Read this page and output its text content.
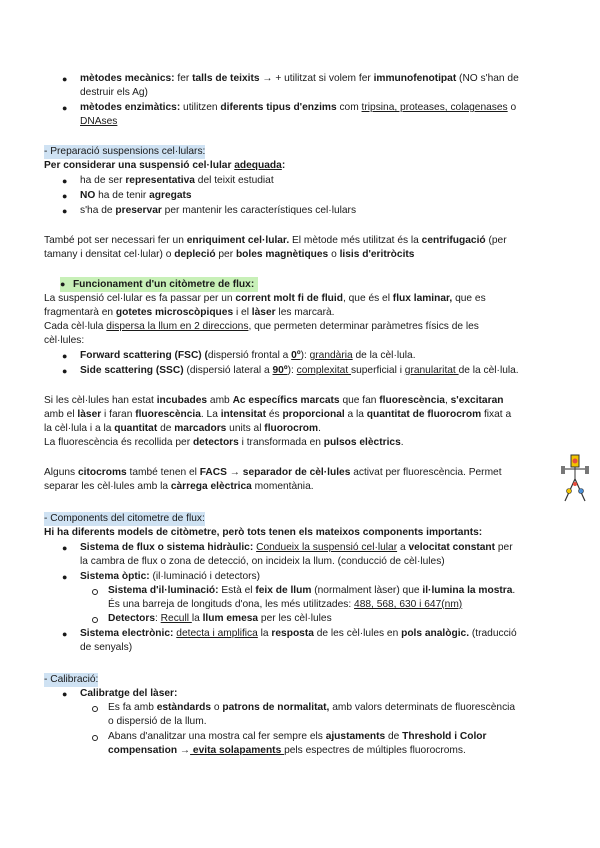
● mètodes mecànics: fer talls de teixits → + utilitzat si volem fer immunofenotipat (NO s'han de
destruir els Ag)
● mètodes enzimàtics: utilitzen diferents tipus d'enzims com tripsina, proteases, colagenases o
DNAses
- Preparació suspensions cel·lulars:
Per considerar una suspensió cel·lular adequada:
● ha de ser representativa del teixit estudiat
● NO ha de tenir agregats
● s'ha de preservar per mantenir les característiques cel·lulars
També pot ser necessari fer un enriquiment cel·lular. El mètode més utilitzat és la centrifugació (per
tamany i densitat cel·lular) o depleció per boles magnètiques o lisis d'eritròcits
●   Funcionament d'un citòmetre de flux:
La suspensió cel·lular es fa passar per un corrent molt fi de fluid, que és el flux laminar, que es
fragmentarà en gotetes microscòpiques i el làser les marcarà.
Cada cèl·lula dispersa la llum en 2 direccions, que permeten determinar paràmetres físics de les
cèl·lules:
● Forward scattering (FSC) (dispersió frontal a 0º): grandària de la cèl·lula.
● Side scattering (SSC) (dispersió lateral a 90º): complexitat superficial i granularitat de la cèl·lula.
Si les cèl·lules han estat incubades amb Ac específics marcats que fan fluorescència, s'excitaran
amb el làser i faran fluorescència. La intensitat és proporcional a la quantitat de fluorocrom fixat a
la cèl·lula i a la quantitat de marcadors units al fluorocrom.
La fluorescència és recollida per detectors i transformada en pulsos elèctrics.
Alguns citocroms també tenen el FACS → separador de cèl·lules activat per fluorescència. Permet
separar les cèl·lules amb la càrrega elèctrica momentània.
- Components del citometre de flux:
Hi ha diferents models de citòmetre, però tots tenen els mateixos components importants:
● Sistema de flux o sistema hidràulic: Condueix la suspensió cel·lular a velocitat constant per
la cambra de flux o zona de detecció, on incideix la llum. (conducció de cèl·lules)
● Sistema òptic: (il·luminació i detectors)
Sistema d'il·luminació: Està el feix de llum (normalment làser) que il·lumina la mostra.
És una barreja de longituds d'ona, les més utilitzades: 488, 568, 630 i 647(nm)
Detectors: Recull la llum emesa per les cèl·lules
● Sistema electrònic: detecta i amplifica la resposta de les cèl·lules en pols analògic. (traducció
de senyals)
- Calibració:
● Calibratge del làser:
Es fa amb estàndards o patrons de normalitat, amb valors determinats de fluorescència
o dispersió de la llum.
Abans d'analitzar una mostra cal fer sempre els ajustaments de Threshold i Color
compensation → evita solapaments pels espectres de múltiples fluorocroms.
